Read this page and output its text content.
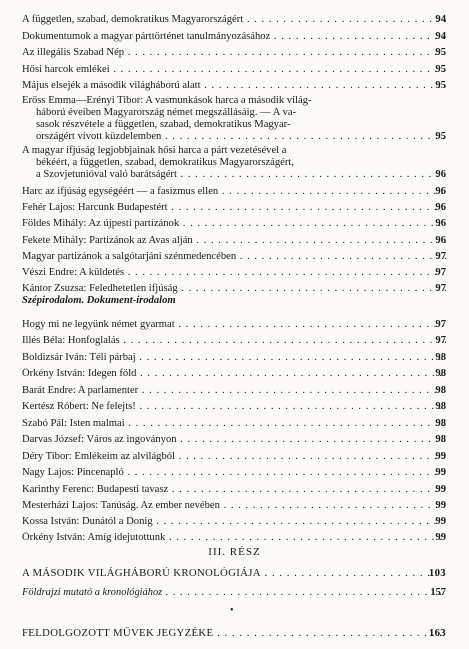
A független, szabad, demokratikus Magyarországért . . .	94
Dokumentumok a magyar párttörténet tanulmányozásához . . .	94
Az illegális Szabad Nép . . .	95
Hősi harcok emlékei . . .	95
Május elsejék a második világháború alatt . . .	95
Erőss Emma—Erényi Tibor: A vasmunkások harca a második világ-
háború éveiben Magyarország német megszállásáig. — A va-
sasok részvétele a független, szabad, demokratikus Magyar-
országért vívott küzdelemben . . .	95
A magyar ifjúság legjobbjainak hősi harca a párt vezetésével a
békéért, a független, szabad, demokratikus Magyarországért,
a Szovjetunióval való barátságért . . .	96
Harc az ifjúság egységéért — a fasizmus ellen . . .	96
Fehér Lajos: Harcunk Budapestért . . .	96
Földes Mihály: Az újpesti partizánok . . .	96
Fekete Mihály: Partizánok az Avas alján . . .	96
Magyar partizánok a salgótarjáni szénmedencében . . .	97
Vészi Endre: A küldetés . . .	97
Kántor Zsuzsa: Feledhetetlen ifjúság . . .	97
Szépirodalom. Dokument-irodalom
Hogy mi ne legyünk német gyarmat . . .	97
Illés Béla: Honfoglalás . . .	97
Boldizsár Iván: Téli párbaj . . .	98
Örkény István: Idegen föld . . .	98
Barát Endre: A parlamenter . . .	98
Kertész Róbert: Ne felejts! . . .	98
Szabó Pál: Isten malmai . . .	98
Darvas József: Város az ingoványon . . .	98
Déry Tibor: Emlékeim az alvilágból . . .	99
Nagy Lajos: Pincenapló . . .	99
Karinthy Ferenc: Budapesti tavasz . . .	99
Mesterházi Lajos: Tanúság. Az ember nevében . . .	99
Kossa István: Dunától a Donig . . .	99
Örkény István: Amíg idejutottunk . . .	99
III. RÉSZ
A MÁSODIK VILÁGHÁBORÚ KRONOLÓGIÁJA . . .	103
Földrajzi mutató a kronológiához . . .	157
•
FELDOLGOZOTT MŰVEK JEGYZÉKE . . .	163
